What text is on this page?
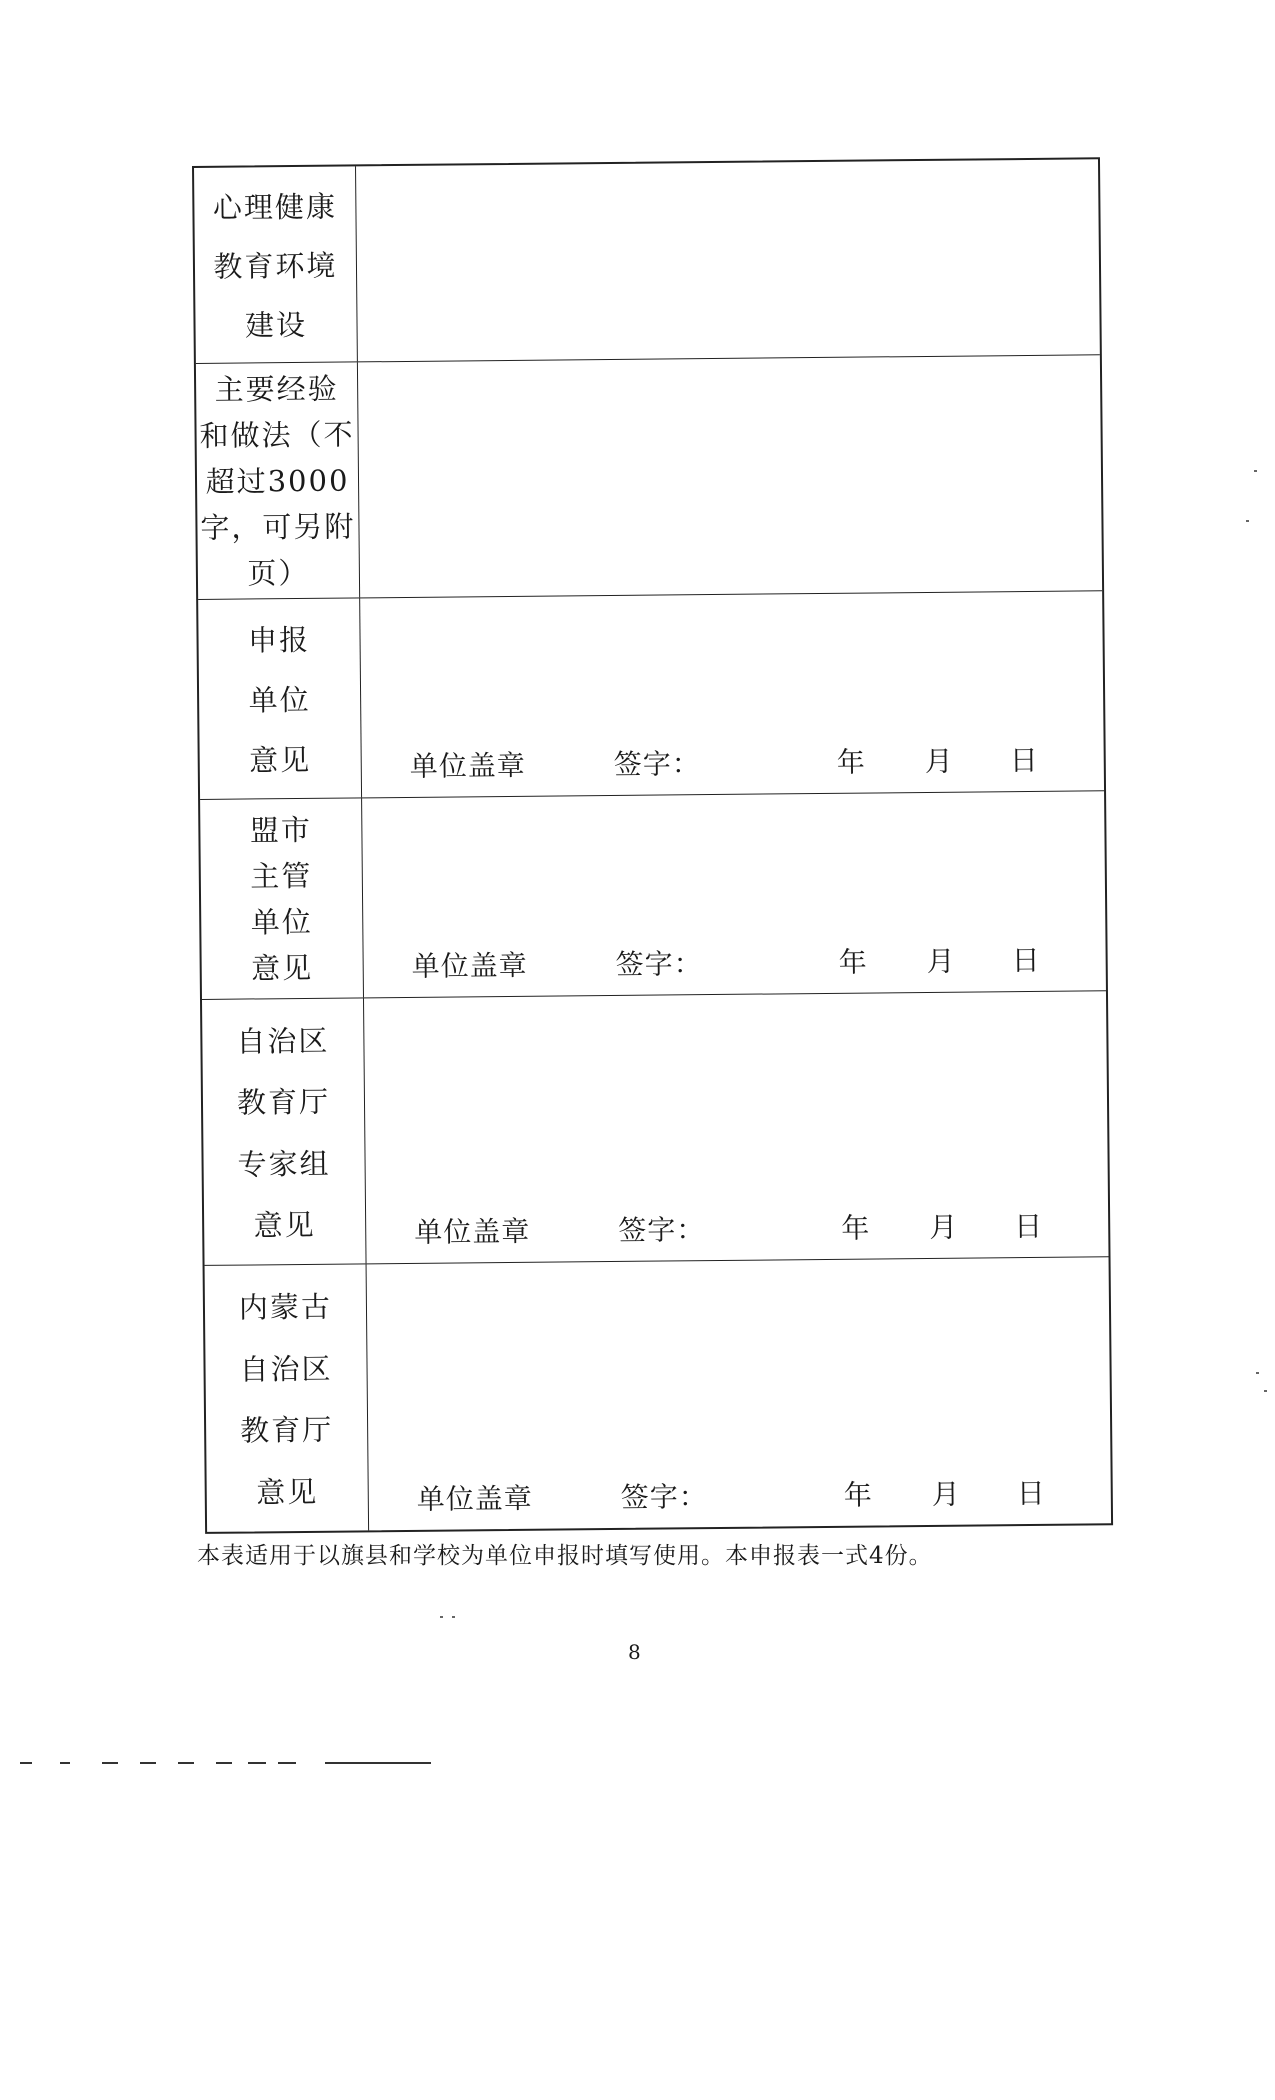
心理健康
教育环境
建设
主要经验
和做法（不
超过3000
字，可另附
页）
申报
单位
意见	单位盖章	签字：	年 月 日
盟市
主管
单位
意见	单位盖章	签字：	年 月 日
自治区
教育厅
专家组
意见	单位盖章	签字：	年 月 日
内蒙古
自治区
教育厅
意见	单位盖章	签字：	年 月 日
本表适用于以旗县和学校为单位申报时填写使用。本申报表一式4份。
8
